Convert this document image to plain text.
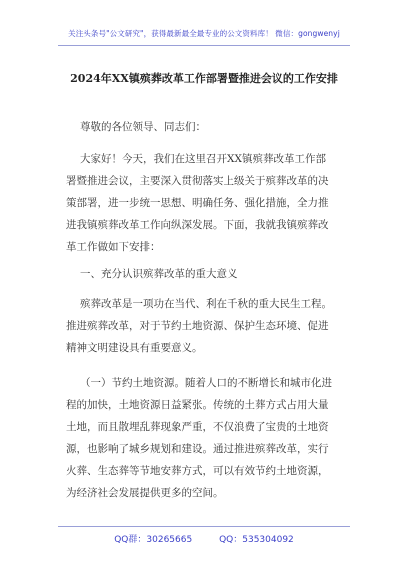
关注头条号"公文研究"，获得最新最全最专业的公文资料库！ 微信：gongwenyj
2024年XX镇殡葬改革工作部署暨推进会议的工作安排
尊敬的各位领导、同志们：
大家好！今天，我们在这里召开XX镇殡葬改革工作部
署暨推进会议，主要深入贯彻落实上级关于殡葬改革的决
策部署，进一步统一思想、明确任务、强化措施，全力推
进我镇殡葬改革工作向纵深发展。下面，我就我镇殡葬改
革工作做如下安排：
一、充分认识殡葬改革的重大意义
殡葬改革是一项功在当代、利在千秋的重大民生工程。
推进殡葬改革，对于节约土地资源、保护生态环境、促进
精神文明建设具有重要意义。
（一）节约土地资源。随着人口的不断增长和城市化进
程的加快，土地资源日益紧张。传统的土葬方式占用大量
土地，而且散埋乱葬现象严重，不仅浪费了宝贵的土地资
源，也影响了城乡规划和建设。通过推进殡葬改革，实行
火葬、生态葬等节地安葬方式，可以有效节约土地资源，
为经济社会发展提供更多的空间。
QQ群：30265665	QQ：535304092
